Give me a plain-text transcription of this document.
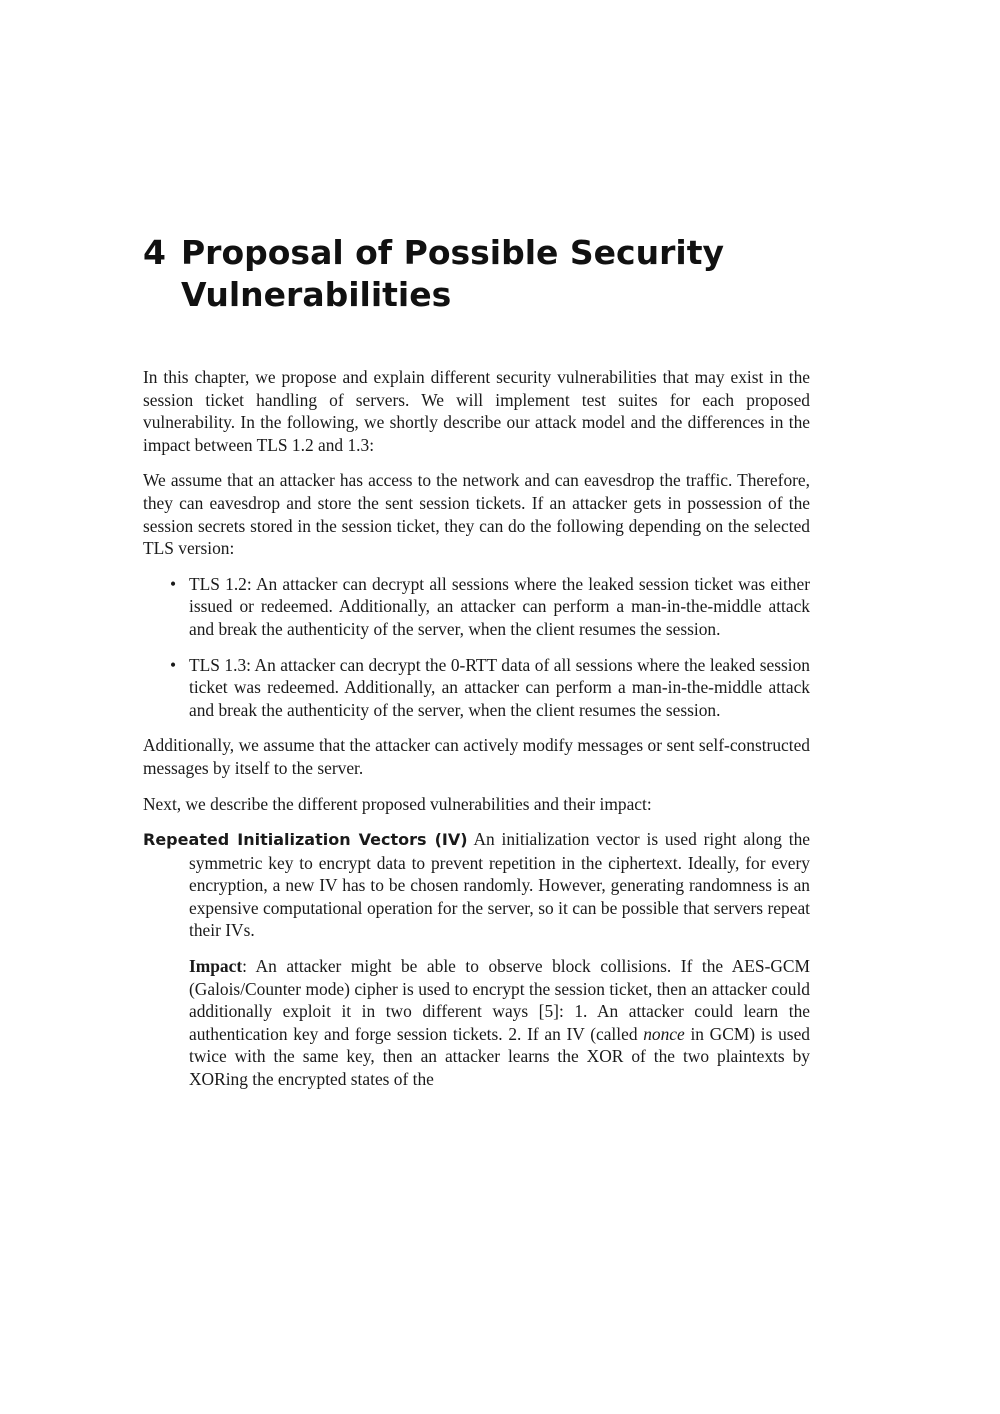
4 Proposal of Possible Security
Vulnerabilities

In this chapter, we propose and explain different security vulnerabilities that may exist in the session ticket handling of servers. We will implement test suites for each proposed vulnerability. In the following, we shortly describe our attack model and the differences in the impact between TLS 1.2 and 1.3:

We assume that an attacker has access to the network and can eavesdrop the traffic. Therefore, they can eavesdrop and store the sent session tickets. If an attacker gets in possession of the session secrets stored in the session ticket, they can do the following depending on the selected TLS version:

• TLS 1.2: An attacker can decrypt all sessions where the leaked session ticket was either issued or redeemed. Additionally, an attacker can perform a man-in-the-middle attack and break the authenticity of the server, when the client resumes the session.
• TLS 1.3: An attacker can decrypt the 0-RTT data of all sessions where the leaked session ticket was redeemed. Additionally, an attacker can perform a man-in-the-middle attack and break the authenticity of the server, when the client resumes the session.

Additionally, we assume that the attacker can actively modify messages or sent self-constructed messages by itself to the server.

Next, we describe the different proposed vulnerabilities and their impact:

Repeated Initialization Vectors (IV) An initialization vector is used right along the symmetric key to encrypt data to prevent repetition in the ciphertext. Ideally, for every encryption, a new IV has to be chosen randomly. However, generating randomness is an expensive computational operation for the server, so it can be possible that servers repeat their IVs.

Impact: An attacker might be able to observe block collisions. If the AES-GCM (Galois/Counter mode) cipher is used to encrypt the session ticket, then an attacker could additionally exploit it in two different ways [5]: 1. An attacker could learn the authentication key and forge session tickets. 2. If an IV (called nonce in GCM) is used twice with the same key, then an attacker learns the XOR of the two plaintexts by XORing the encrypted states of the
